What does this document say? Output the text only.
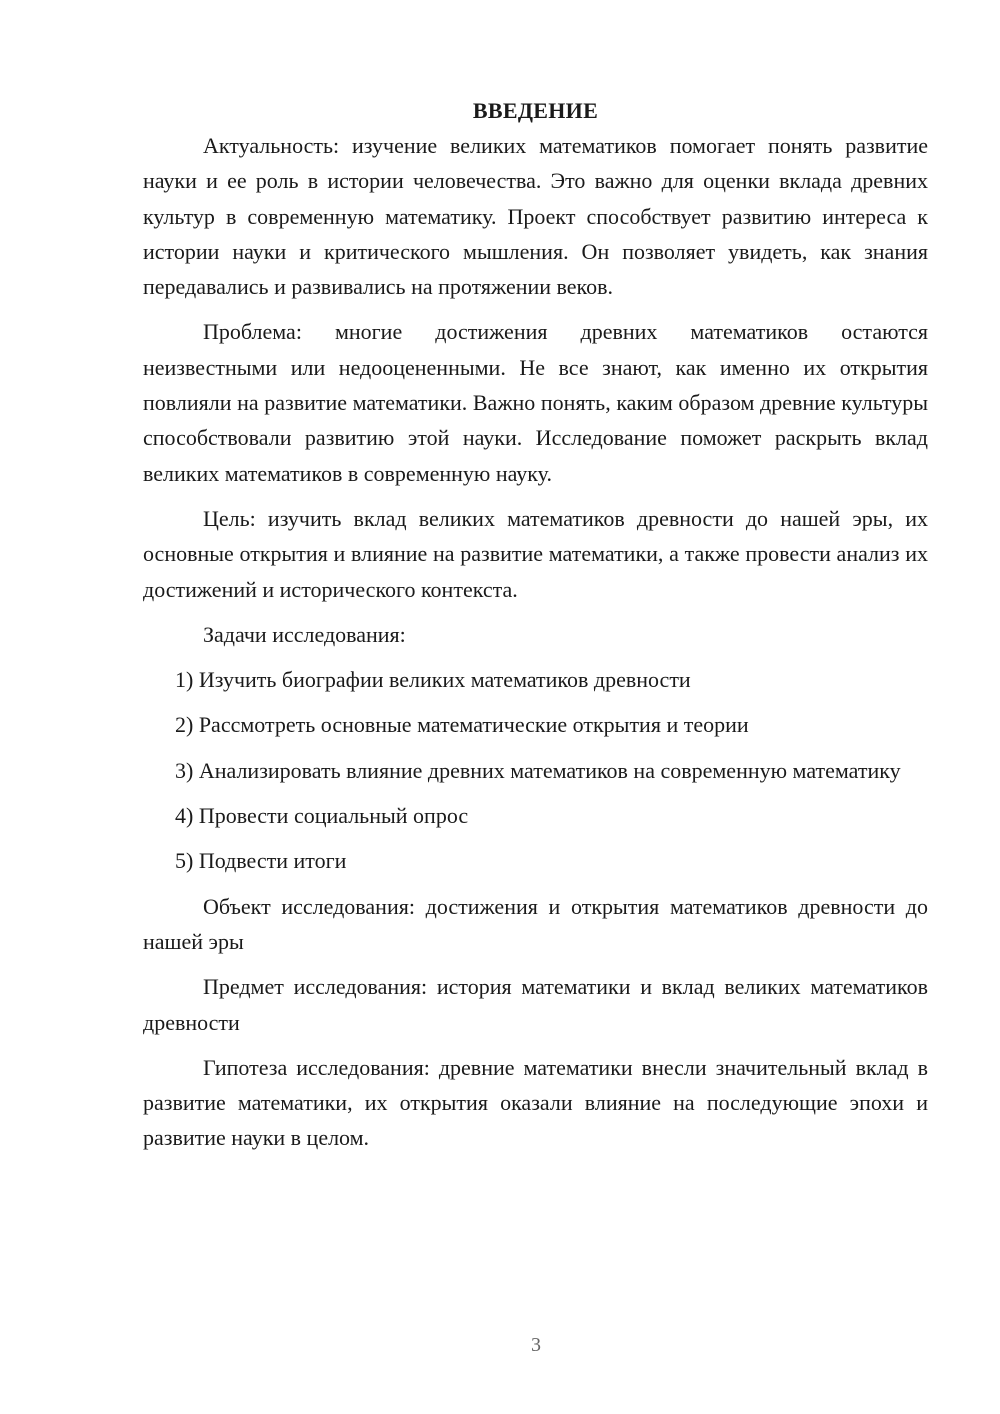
ВВЕДЕНИЕ

Актуальность: изучение великих математиков помогает понять развитие науки и ее роль в истории человечества. Это важно для оценки вклада древних культур в современную математику. Проект способствует развитию интереса к истории науки и критического мышления. Он позволяет увидеть, как знания передавались и развивались на протяжении веков.

Проблема: многие достижения древних математиков остаются неизвестными или недооцененными. Не все знают, как именно их открытия повлияли на развитие математики. Важно понять, каким образом древние культуры способствовали развитию этой науки. Исследование поможет раскрыть вклад великих математиков в современную науку.

Цель: изучить вклад великих математиков древности до нашей эры, их основные открытия и влияние на развитие математики, а также провести анализ их достижений и исторического контекста.

Задачи исследования:

1) Изучить биографии великих математиков древности

2) Рассмотреть основные математические открытия и теории

3) Анализировать влияние древних математиков на современную математику

4) Провести социальный опрос

5) Подвести итоги

Объект исследования: достижения и открытия математиков древности до нашей эры

Предмет исследования: история математики и вклад великих математиков древности

Гипотеза исследования: древние математики внесли значительный вклад в развитие математики, их открытия оказали влияние на последующие эпохи и развитие науки в целом.

3
